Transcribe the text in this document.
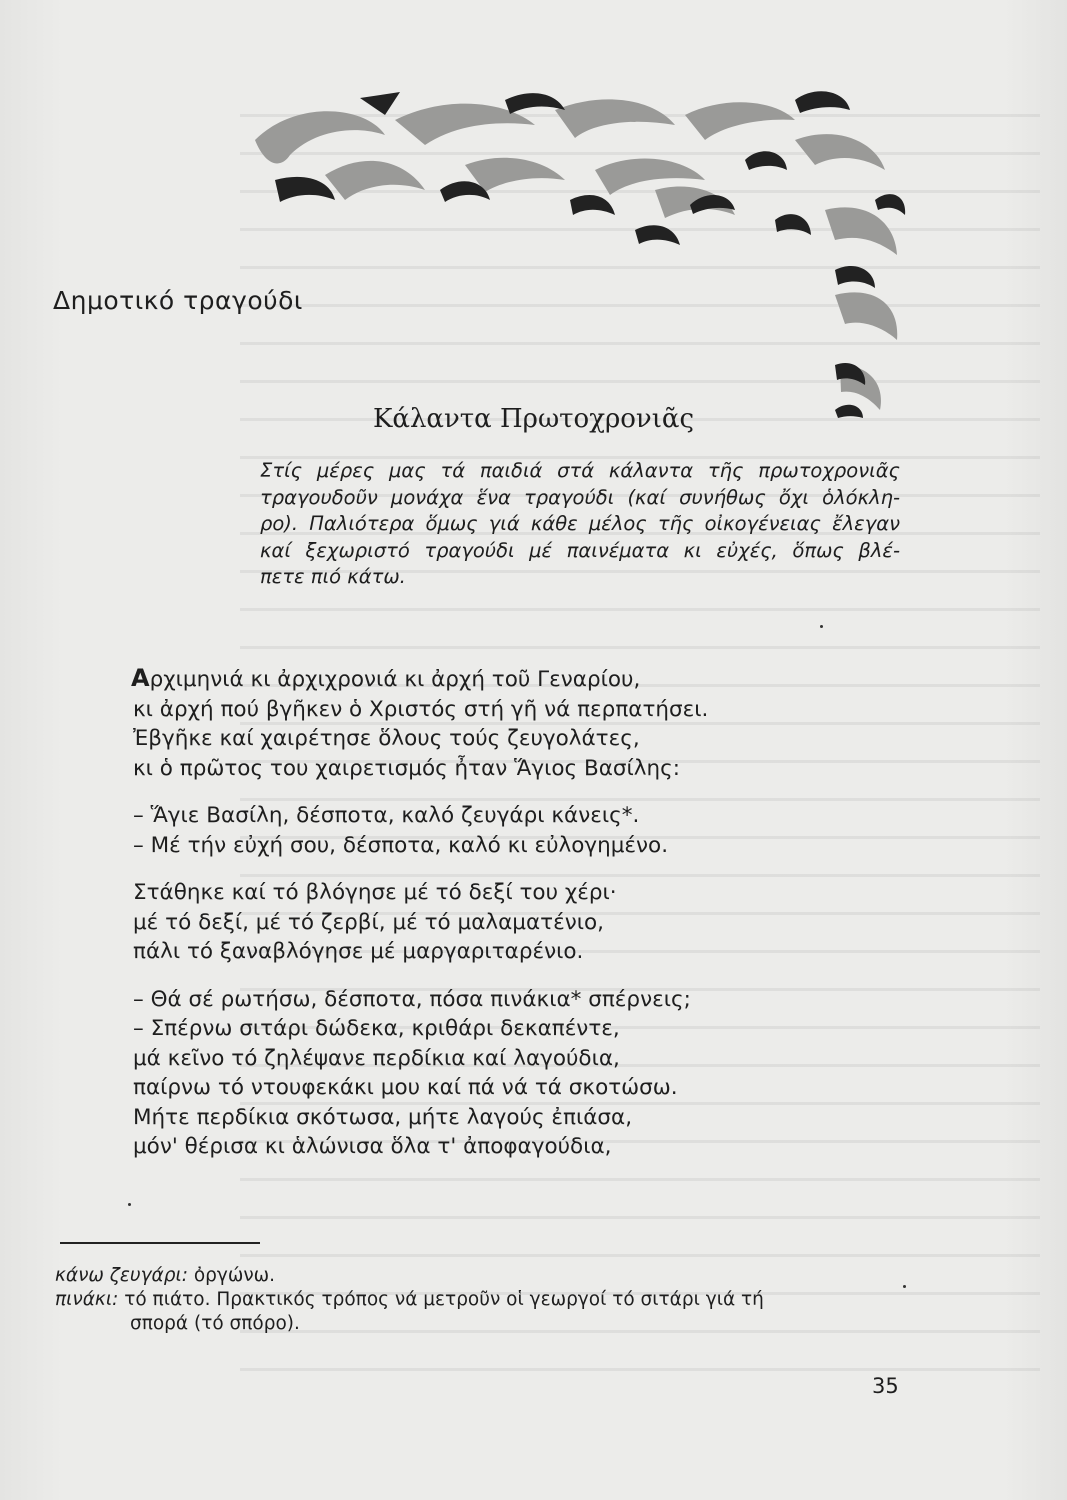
Δημοτικό τραγούδι
Κάλαντα Πρωτοχρονιᾶς
Στίς μέρες μας τά παιδιά στά κάλαντα τῆς πρωτοχρονιᾶς
τραγουδοῦν μονάχα ἕνα τραγούδι (καί συνήθως ὄχι ὁλόκλη-
ρο). Παλιότερα ὅμως γιά κάθε μέλος τῆς οἰκογένειας ἔλεγαν
καί ξεχωριστό τραγούδι μέ παινέματα κι εὐχές, ὅπως βλέ-
πετε πιό κάτω.
Αρχιμηνιά κι ἀρχιχρονιά κι ἀρχή τοῦ Γεναρίου,
κι ἀρχή πού βγῆκεν ὁ Χριστός στή γῆ νά περπατήσει.
Ἐβγῆκε καί χαιρέτησε ὅλους τούς ζευγολάτες,
κι ὁ πρῶτος του χαιρετισμός ἦταν Ἅγιος Βασίλης:
– Ἅγιε Βασίλη, δέσποτα, καλό ζευγάρι κάνεις*.
– Μέ τήν εὐχή σου, δέσποτα, καλό κι εὐλογημένο.
Στάθηκε καί τό βλόγησε μέ τό δεξί του χέρι·
μέ τό δεξί, μέ τό ζερβί, μέ τό μαλαματένιο,
πάλι τό ξαναβλόγησε μέ μαργαριταρένιο.
– Θά σέ ρωτήσω, δέσποτα, πόσα πινάκια* σπέρνεις;
– Σπέρνω σιτάρι δώδεκα, κριθάρι δεκαπέντε,
μά κεῖνο τό ζηλέψανε περδίκια καί λαγούδια,
παίρνω τό ντουφεκάκι μου καί πά νά τά σκοτώσω.
Μήτε περδίκια σκότωσα, μήτε λαγούς ἐπιάσα,
μόν' θέρισα κι ἁλώνισα ὅλα τ' ἀποφαγούδια,
κάνω ζευγάρι: ὀργώνω.
πινάκι: τό πιάτο. Πρακτικός τρόπος νά μετροῦν οἱ γεωργοί τό σιτάρι γιά τή
σπορά (τό σπόρο).
35
